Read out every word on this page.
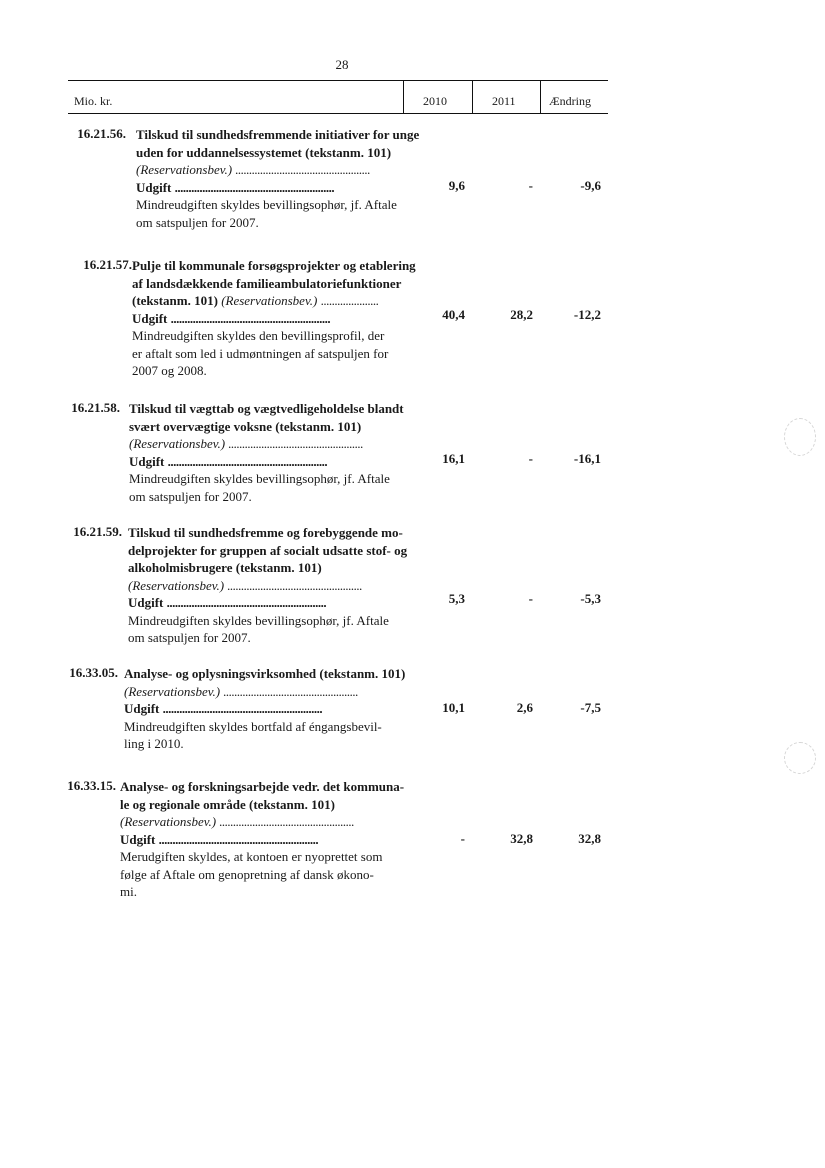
28
Mio. kr.	2010	2011	Ændring
16.21.56. Tilskud til sundhedsfremmende initiativer for unge
uden for uddannelsessystemet (tekstanm. 101)
(Reservationsbev.) .................................................
Udgift ..........................................................
Mindreudgiften skyldes bevillingsophør, jf. Aftale
om satspuljen for 2007.
9,6	-	-9,6
16.21.57. Pulje til kommunale forsøgsprojekter og etablering
af landsdækkende familieambulatoriefunktioner
(tekstanm. 101) (Reservationsbev.) .....................
Udgift ..........................................................
Mindreudgiften skyldes den bevillingsprofil, der
er aftalt som led i udmøntningen af satspuljen for
2007 og 2008.
40,4	28,2	-12,2
16.21.58. Tilskud til vægttab og vægtvedligeholdelse blandt
svært overvægtige voksne (tekstanm. 101)
(Reservationsbev.) .................................................
Udgift ..........................................................
Mindreudgiften skyldes bevillingsophør, jf. Aftale
om satspuljen for 2007.
16,1	-	-16,1
16.21.59. Tilskud til sundhedsfremme og forebyggende mo-
delprojekter for gruppen af socialt udsatte stof- og
alkoholmisbrugere (tekstanm. 101)
(Reservationsbev.) .................................................
Udgift ..........................................................
Mindreudgiften skyldes bevillingsophør, jf. Aftale
om satspuljen for 2007.
5,3	-	-5,3
16.33.05. Analyse- og oplysningsvirksomhed (tekstanm. 101)
(Reservationsbev.) .................................................
Udgift ..........................................................
Mindreudgiften skyldes bortfald af éngangsbevil-
ling i 2010.
10,1	2,6	-7,5
16.33.15. Analyse- og forskningsarbejde vedr. det kommuna-
le og regionale område (tekstanm. 101)
(Reservationsbev.) .................................................
Udgift ..........................................................
Merudgiften skyldes, at kontoen er nyoprettet som
følge af Aftale om genopretning af dansk økono-
mi.
-	32,8	32,8
